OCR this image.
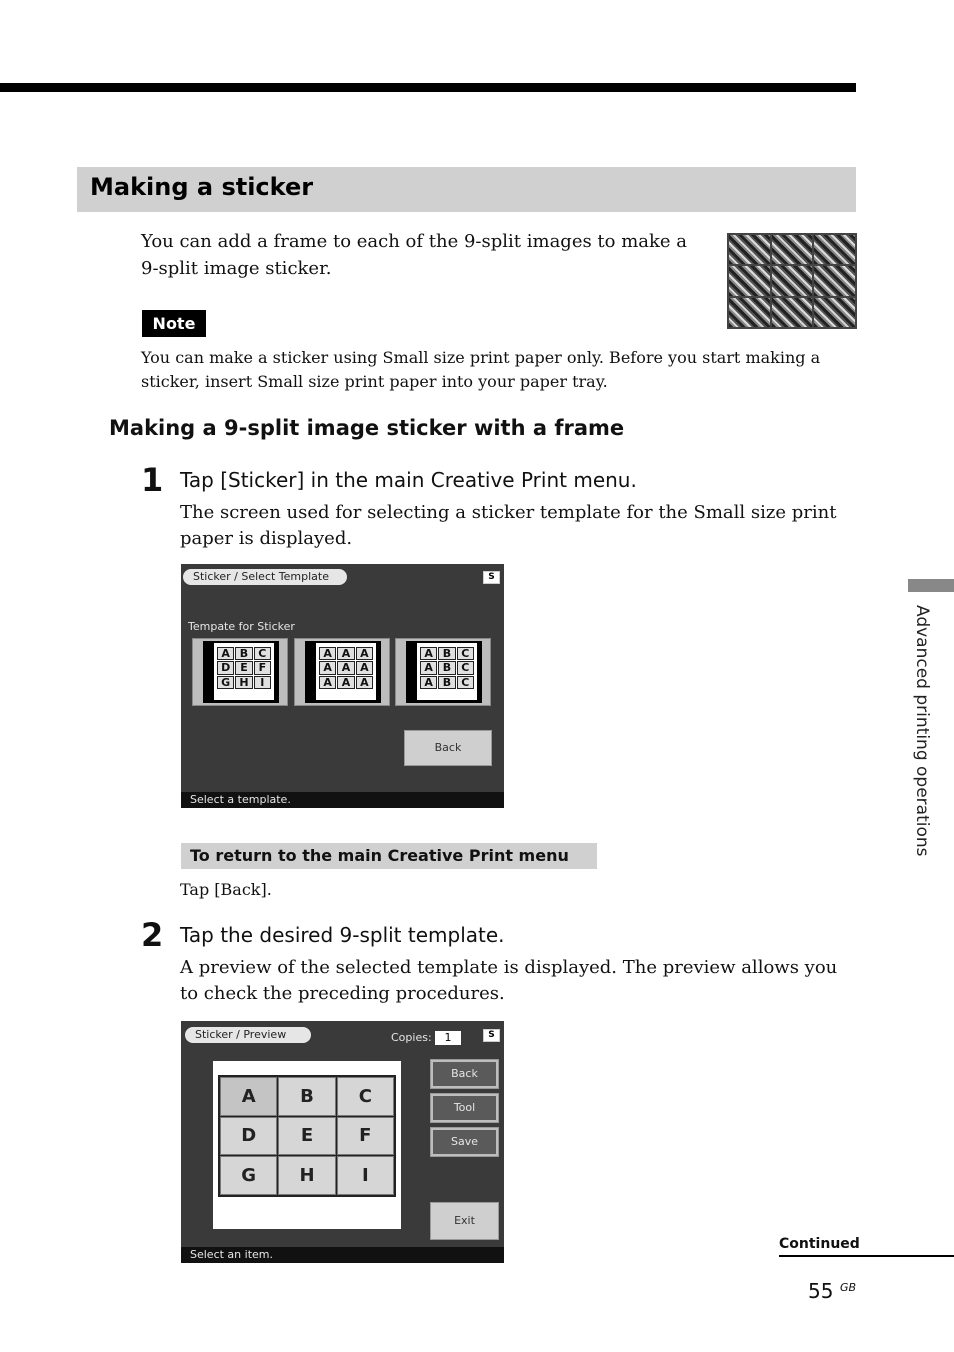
Making a sticker

You can add a frame to each of the 9-split images to make a 9-split image sticker.

Note

You can make a sticker using Small size print paper only. Before you start making a sticker, insert Small size print paper into your paper tray.

Making a 9-split image sticker with a frame
1 Tap [Sticker] in the main Creative Print menu.

The screen used for selecting a sticker template for the Small size print paper is displayed.

Sticker / Select Template	S
Tempate for Sticker
A B C
D E F
G H	I
A A A
A A A
A A A
A B C
A B C
A B C
Back
Select a template.
To return to the main Creative Print menu

Tap [Back].

2 Tap the desired 9-split template.

A preview of the selected template is displayed. The preview allows you to check the preceding procedures.

Sticker / Preview	Copies:	1	S
A	B	C
D	E	F
G	H	I
Back
Tool
Save
Exit
Select an item.
Advanced printing operations
Continued
55 GB
